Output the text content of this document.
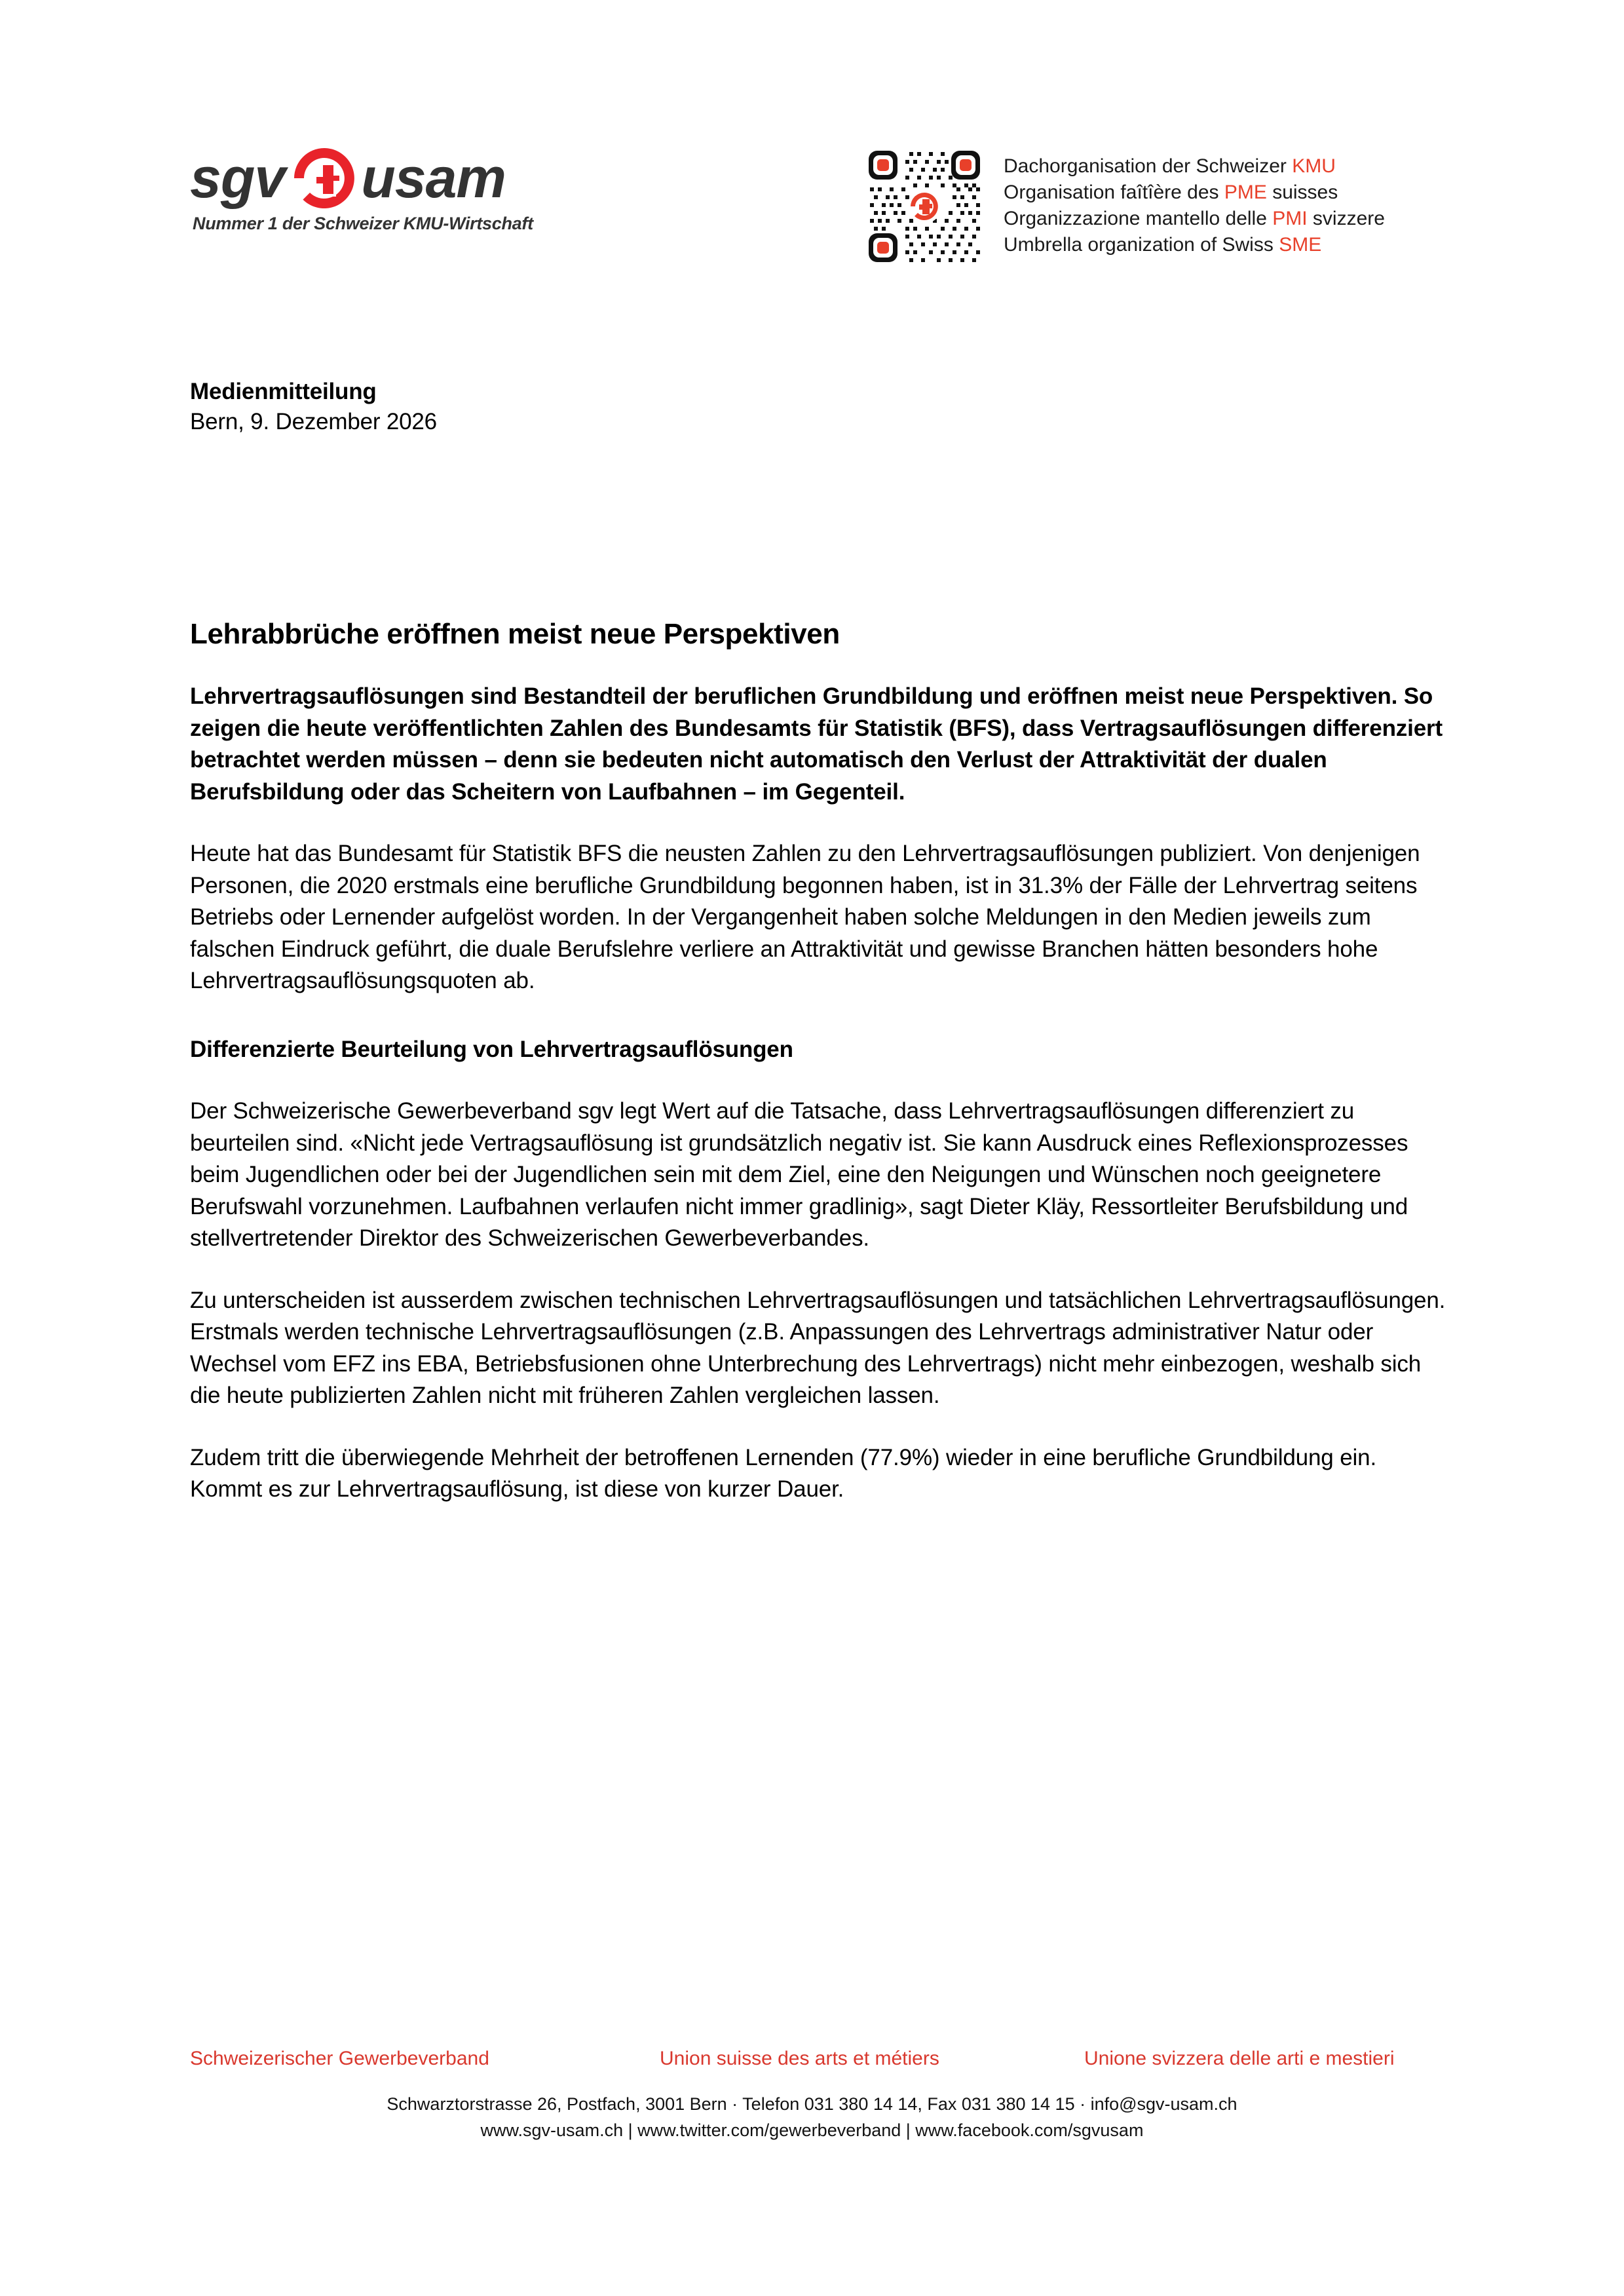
sgv usam
Nummer 1 der Schweizer KMU-Wirtschaft
Dachorganisation der Schweizer KMU
Organisation faîtîère des PME suisses
Organizzazione mantello delle PMI svizzere
Umbrella organization of Swiss SME
Medienmitteilung
Bern, 9. Dezember 2026
Lehrabbrüche eröffnen meist neue Perspektiven
Lehrvertragsauflösungen sind Bestandteil der beruflichen Grundbildung und eröffnen meist neue Perspektiven. So zeigen die heute veröffentlichten Zahlen des Bundesamts für Statistik (BFS), dass Vertragsauflösungen differenziert betrachtet werden müssen – denn sie bedeuten nicht automatisch den Verlust der Attraktivität der dualen Berufsbildung oder das Scheitern von Laufbahnen – im Gegenteil.

Heute hat das Bundesamt für Statistik BFS die neusten Zahlen zu den Lehrvertragsauflösungen publiziert. Von denjenigen Personen, die 2020 erstmals eine berufliche Grundbildung begonnen haben, ist in 31.3% der Fälle der Lehrvertrag seitens Betriebs oder Lernender aufgelöst worden. In der Vergangenheit haben solche Meldungen in den Medien jeweils zum falschen Eindruck geführt, die duale Berufslehre verliere an Attraktivität und gewisse Branchen hätten besonders hohe Lehrvertragsauflösungsquoten ab.

Differenzierte Beurteilung von Lehrvertragsauflösungen

Der Schweizerische Gewerbeverband sgv legt Wert auf die Tatsache, dass Lehrvertragsauflösungen differenziert zu beurteilen sind. «Nicht jede Vertragsauflösung ist grundsätzlich negativ ist. Sie kann Ausdruck eines Reflexionsprozesses beim Jugendlichen oder bei der Jugendlichen sein mit dem Ziel, eine den Neigungen und Wünschen noch geeignetere Berufswahl vorzunehmen. Laufbahnen verlaufen nicht immer gradlinig», sagt Dieter Kläy, Ressortleiter Berufsbildung und stellvertretender Direktor des Schweizerischen Gewerbeverbandes.

Zu unterscheiden ist ausserdem zwischen technischen Lehrvertragsauflösungen und tatsächlichen Lehrvertragsauflösungen. Erstmals werden technische Lehrvertragsauflösungen (z.B. Anpassungen des Lehrvertrags administrativer Natur oder Wechsel vom EFZ ins EBA, Betriebsfusionen ohne Unterbrechung des Lehrvertrags) nicht mehr einbezogen, weshalb sich die heute publizierten Zahlen nicht mit früheren Zahlen vergleichen lassen.

Zudem tritt die überwiegende Mehrheit der betroffenen Lernenden (77.9%) wieder in eine berufliche Grundbildung ein. Kommt es zur Lehrvertragsauflösung, ist diese von kurzer Dauer.

Schweizerischer Gewerbeverband	Union suisse des arts et métiers	Unione svizzera delle arti e mestieri
Schwarztorstrasse 26, Postfach, 3001 Bern · Telefon 031 380 14 14, Fax 031 380 14 15 · info@sgv-usam.ch
www.sgv-usam.ch | www.twitter.com/gewerbeverband | www.facebook.com/sgvusam
